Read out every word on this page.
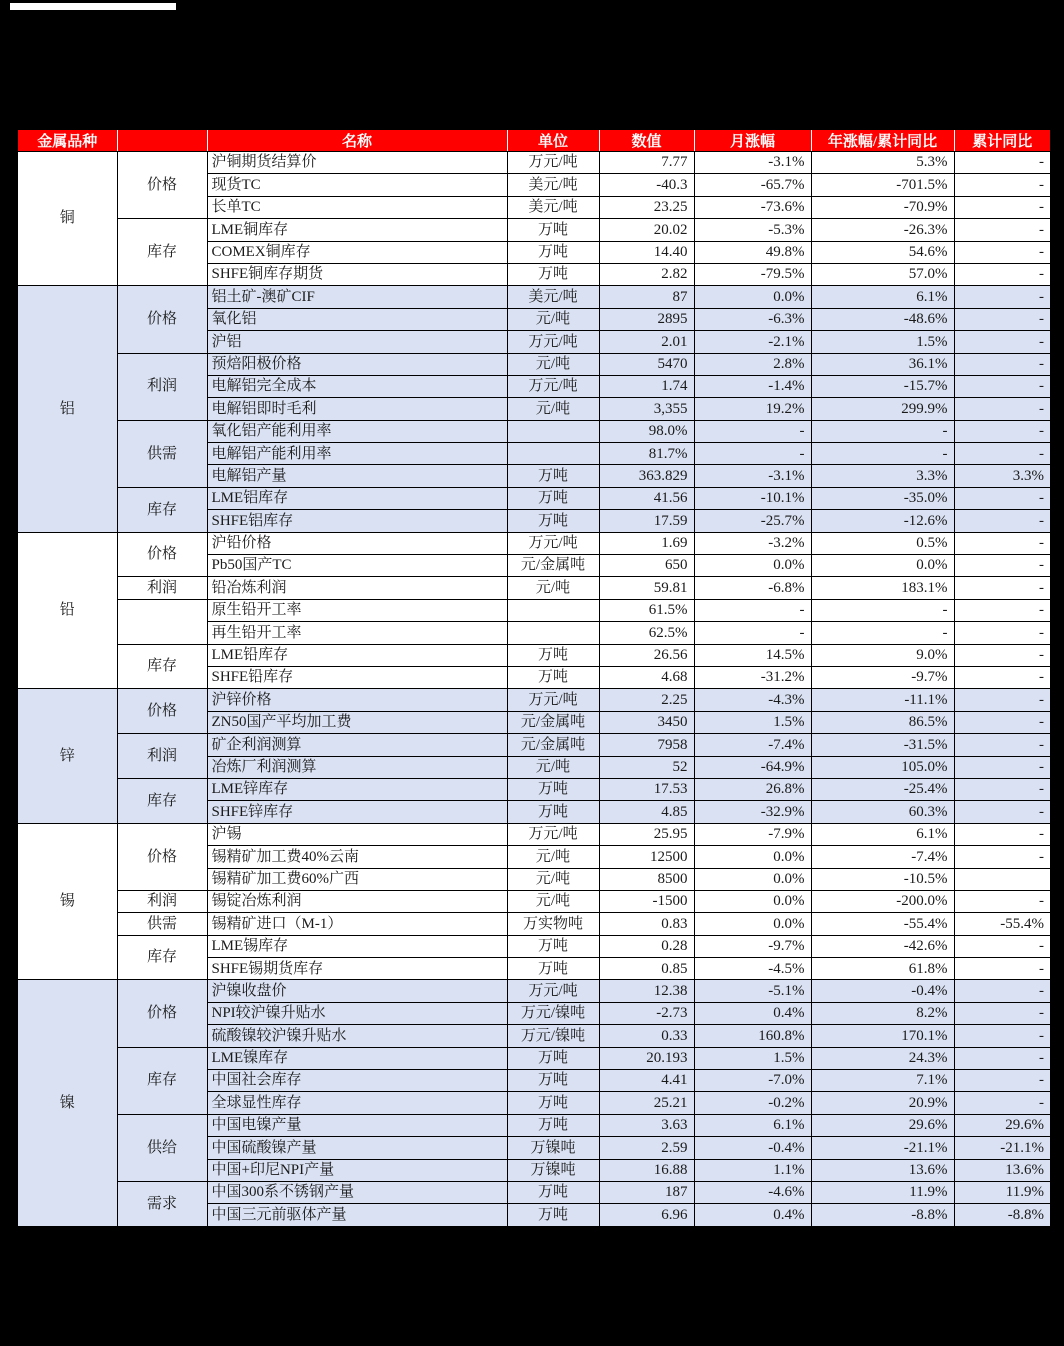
金属品种		名称	单位	数值	月涨幅	年涨幅/累计同比	累计同比
铜	价格	沪铜期货结算价	万元/吨	7.77	-3.1%	5.3%	-
		现货TC	美元/吨	-40.3	-65.7%	-701.5%	-
		长单TC	美元/吨	23.25	-73.6%	-70.9%	-
	库存	LME铜库存	万吨	20.02	-5.3%	-26.3%	-
		COMEX铜库存	万吨	14.40	49.8%	54.6%	-
		SHFE铜库存期货	万吨	2.82	-79.5%	57.0%	-
铝	价格	铝土矿-澳矿CIF	美元/吨	87	0.0%	6.1%	-
		氧化铝	元/吨	2895	-6.3%	-48.6%	-
		沪铝	万元/吨	2.01	-2.1%	1.5%	-
	利润	预焙阳极价格	元/吨	5470	2.8%	36.1%	-
		电解铝完全成本	万元/吨	1.74	-1.4%	-15.7%	-
		电解铝即时毛利	元/吨	3,355	19.2%	299.9%	-
	供需	氧化铝产能利用率		98.0%	-	-	-
		电解铝产能利用率		81.7%	-	-	-
		电解铝产量	万吨	363.829	-3.1%	3.3%	3.3%
	库存	LME铝库存	万吨	41.56	-10.1%	-35.0%	-
		SHFE铝库存	万吨	17.59	-25.7%	-12.6%	-
铅	价格	沪铅价格	万元/吨	1.69	-3.2%	0.5%	-
		Pb50国产TC	元/金属吨	650	0.0%	0.0%	-
	利润	铅冶炼利润	元/吨	59.81	-6.8%	183.1%	-
		原生铅开工率		61.5%	-	-	-
		再生铅开工率		62.5%	-	-	-
	库存	LME铅库存	万吨	26.56	14.5%	9.0%	-
		SHFE铅库存	万吨	4.68	-31.2%	-9.7%	-
锌	价格	沪锌价格	万元/吨	2.25	-4.3%	-11.1%	-
		ZN50国产平均加工费	元/金属吨	3450	1.5%	86.5%	-
	利润	矿企利润测算	元/金属吨	7958	-7.4%	-31.5%	-
		冶炼厂利润测算	元/吨	52	-64.9%	105.0%	-
	库存	LME锌库存	万吨	17.53	26.8%	-25.4%	-
		SHFE锌库存	万吨	4.85	-32.9%	60.3%	-
锡	价格	沪锡	万元/吨	25.95	-7.9%	6.1%	-
		锡精矿加工费40%云南	元/吨	12500	0.0%	-7.4%	-
		锡精矿加工费60%广西	元/吨	8500	0.0%	-10.5%	
	利润	锡锭冶炼利润	元/吨	-1500	0.0%	-200.0%	-
	供需	锡精矿进口（M-1）	万实物吨	0.83	0.0%	-55.4%	-55.4%
	库存	LME锡库存	万吨	0.28	-9.7%	-42.6%	-
		SHFE锡期货库存	万吨	0.85	-4.5%	61.8%	-
镍	价格	沪镍收盘价	万元/吨	12.38	-5.1%	-0.4%	-
		NPI较沪镍升贴水	万元/镍吨	-2.73	0.4%	8.2%	-
		硫酸镍较沪镍升贴水	万元/镍吨	0.33	160.8%	170.1%	-
	库存	LME镍库存	万吨	20.193	1.5%	24.3%	-
		中国社会库存	万吨	4.41	-7.0%	7.1%	-
		全球显性库存	万吨	25.21	-0.2%	20.9%	-
	供给	中国电镍产量	万吨	3.63	6.1%	29.6%	29.6%
		中国硫酸镍产量	万镍吨	2.59	-0.4%	-21.1%	-21.1%
		中国+印尼NPI产量	万镍吨	16.88	1.1%	13.6%	13.6%
	需求	中国300系不锈钢产量	万吨	187	-4.6%	11.9%	11.9%
		中国三元前驱体产量	万吨	6.96	0.4%	-8.8%	-8.8%
